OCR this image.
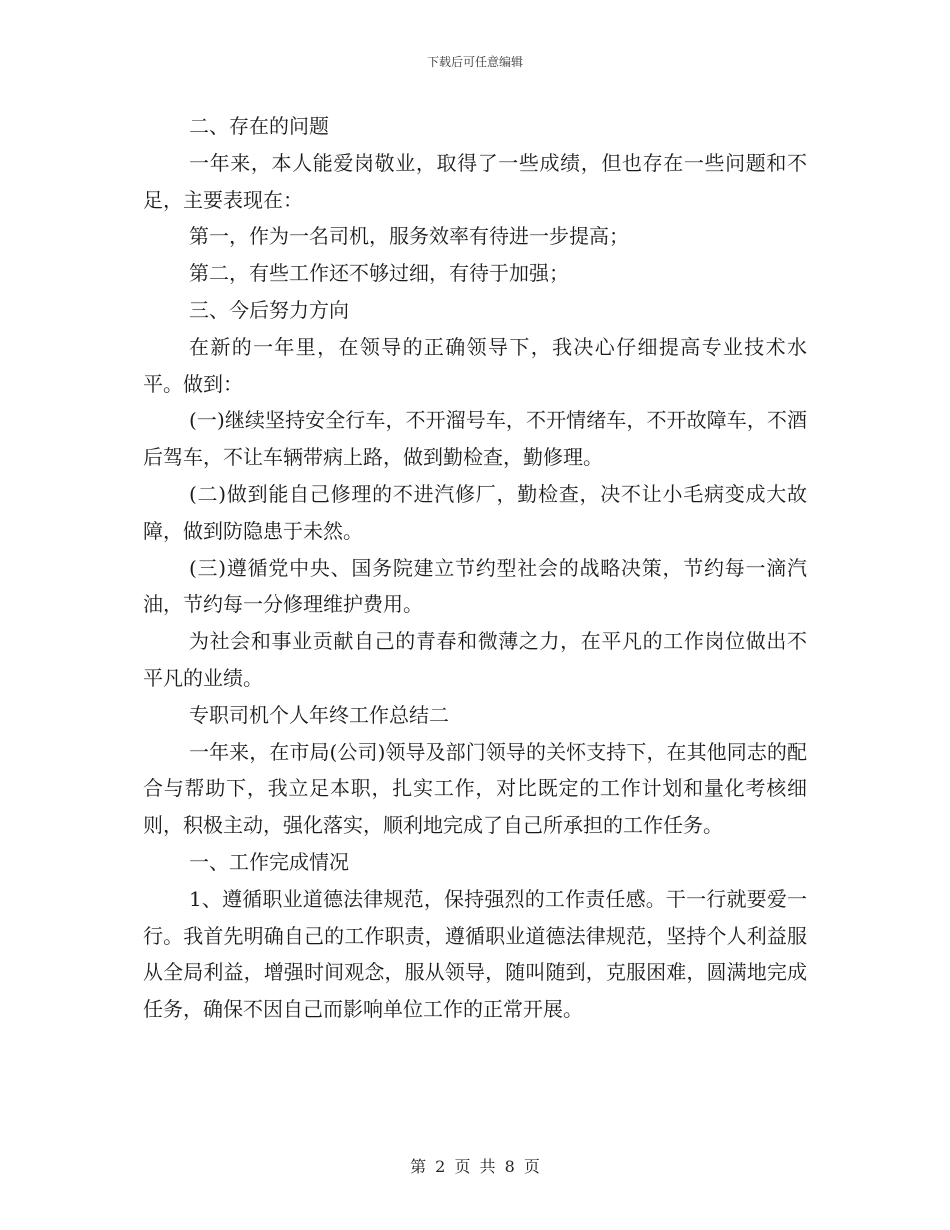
下载后可任意编辑

二、存在的问题

一年来，本人能爱岗敬业，取得了一些成绩，但也存在一些问题和不足，主要表现在：

第一，作为一名司机，服务效率有待进一步提高；

第二，有些工作还不够过细，有待于加强；

三、今后努力方向

在新的一年里，在领导的正确领导下，我决心仔细提高专业技术水平。做到：

(一)继续坚持安全行车，不开溜号车，不开情绪车，不开故障车，不酒后驾车，不让车辆带病上路，做到勤检查，勤修理。

(二)做到能自己修理的不进汽修厂，勤检查，决不让小毛病变成大故障，做到防隐患于未然。

(三)遵循党中央、国务院建立节约型社会的战略决策，节约每一滴汽油，节约每一分修理维护费用。

为社会和事业贡献自己的青春和微薄之力，在平凡的工作岗位做出不平凡的业绩。

专职司机个人年终工作总结二

一年来，在市局(公司)领导及部门领导的关怀支持下，在其他同志的配合与帮助下，我立足本职，扎实工作，对比既定的工作计划和量化考核细则，积极主动，强化落实，顺利地完成了自己所承担的工作任务。

一、工作完成情况

1、遵循职业道德法律规范，保持强烈的工作责任感。干一行就要爱一行。我首先明确自己的工作职责，遵循职业道德法律规范，坚持个人利益服从全局利益，增强时间观念，服从领导，随叫随到，克服困难，圆满地完成任务，确保不因自己而影响单位工作的正常开展。

第 2 页 共 8 页
